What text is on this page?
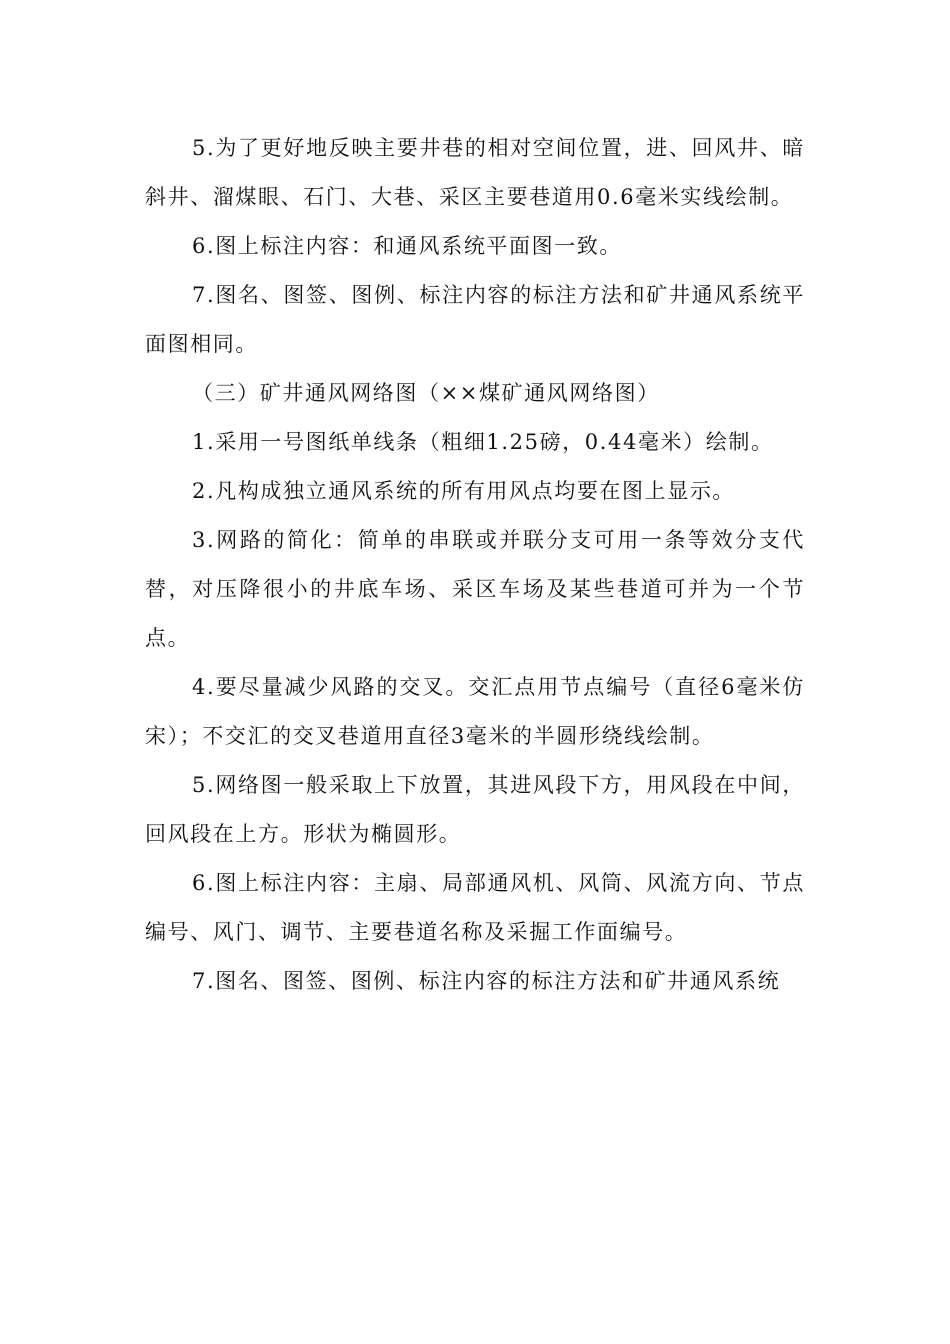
5.为了更好地反映主要井巷的相对空间位置，进、回风井、暗斜井、溜煤眼、石门、大巷、采区主要巷道用0.6毫米实线绘制。

6.图上标注内容：和通风系统平面图一致。

7.图名、图签、图例、标注内容的标注方法和矿井通风系统平面图相同。

（三）矿井通风网络图（××煤矿通风网络图）

1.采用一号图纸单线条（粗细1.25磅，0.44毫米）绘制。

2.凡构成独立通风系统的所有用风点均要在图上显示。

3.网路的简化：简单的串联或并联分支可用一条等效分支代替，对压降很小的井底车场、采区车场及某些巷道可并为一个节点。

4.要尽量减少风路的交叉。交汇点用节点编号（直径6毫米仿宋）；不交汇的交叉巷道用直径3毫米的半圆形绕线绘制。

5.网络图一般采取上下放置，其进风段下方，用风段在中间，回风段在上方。形状为椭圆形。

6.图上标注内容：主扇、局部通风机、风筒、风流方向、节点编号、风门、调节、主要巷道名称及采掘工作面编号。

7.图名、图签、图例、标注内容的标注方法和矿井通风系统
